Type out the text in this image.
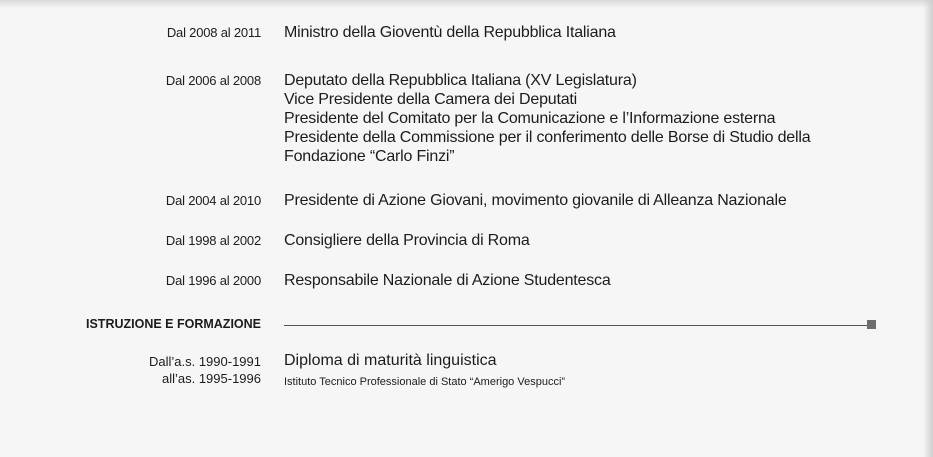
Dal 2008 al 2011 Ministro della Gioventù della Repubblica Italiana
Dal 2006 al 2008 Deputato della Repubblica Italiana (XV Legislatura)
Vice Presidente della Camera dei Deputati
Presidente del Comitato per la Comunicazione e l’Informazione esterna
Presidente della Commissione per il conferimento delle Borse di Studio della
Fondazione “Carlo Finzi”
Dal 2004 al 2010 Presidente di Azione Giovani, movimento giovanile di Alleanza Nazionale
Dal 1998 al 2002 Consigliere della Provincia di Roma
Dal 1996 al 2000 Responsabile Nazionale di Azione Studentesca
ISTRUZIONE E FORMAZIONE
Dall’a.s. 1990-1991
all’as. 1995-1996
Diploma di maturità linguistica
Istituto Tecnico Professionale di Stato “Amerigo Vespucci”
